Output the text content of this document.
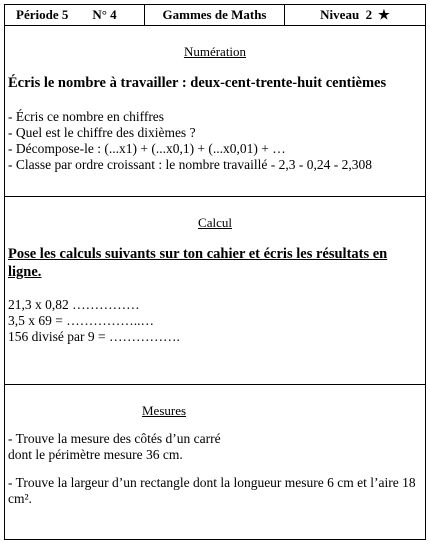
Période 5 N° 4	Gammes de Maths	Niveau  2 ★
Numération
Écris le nombre à travailler : deux-cent-trente-huit centièmes
- Écris ce nombre en chiffres
- Quel est le chiffre des dixièmes ?
- Décompose-le : (...x1) + (...x0,1) + (...x0,01) + …
- Classe par ordre croissant : le nombre travaillé - 2,3 - 0,24 - 2,308
Calcul
Pose les calculs suivants sur ton cahier et écris les résultats en ligne.
21,3 x 0,82 ……………
3,5 x 69 = ……………..…
156 divisé par 9 = …………….
Mesures
- Trouve la mesure des côtés d’un carré
dont le périmètre mesure 36 cm.
- Trouve la largeur d’un rectangle dont la longueur mesure 6 cm et l’aire 18 cm².
